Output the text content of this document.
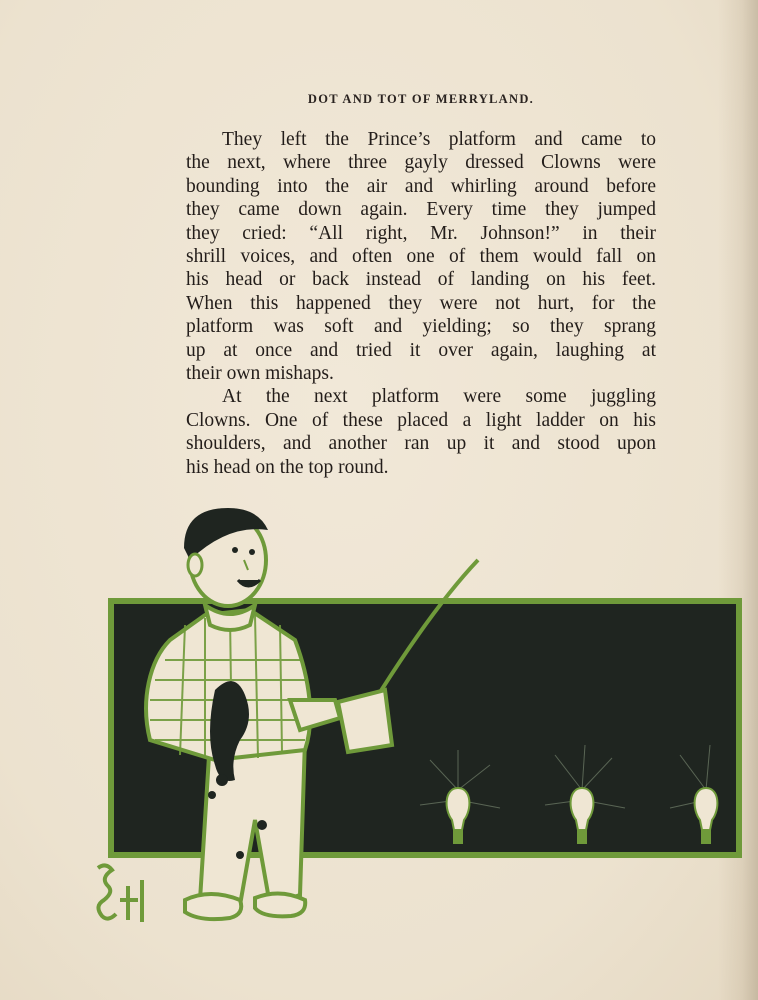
DOT AND TOT OF MERRYLAND.
They left the Prince’s platform and came to
the next, where three gayly dressed Clowns were
bounding into the air and whirling around before
they came down again. Every time they jumped
they cried: “All right, Mr. Johnson!” in their
shrill voices, and often one of them would fall on
his head or back instead of landing on his feet.
When this happened they were not hurt, for the
platform was soft and yielding; so they sprang
up at once and tried it over again, laughing at
their own mishaps.
At the next platform were some juggling
Clowns. One of these placed a light ladder on his
shoulders, and another ran up it and stood upon
his head on the top round.
